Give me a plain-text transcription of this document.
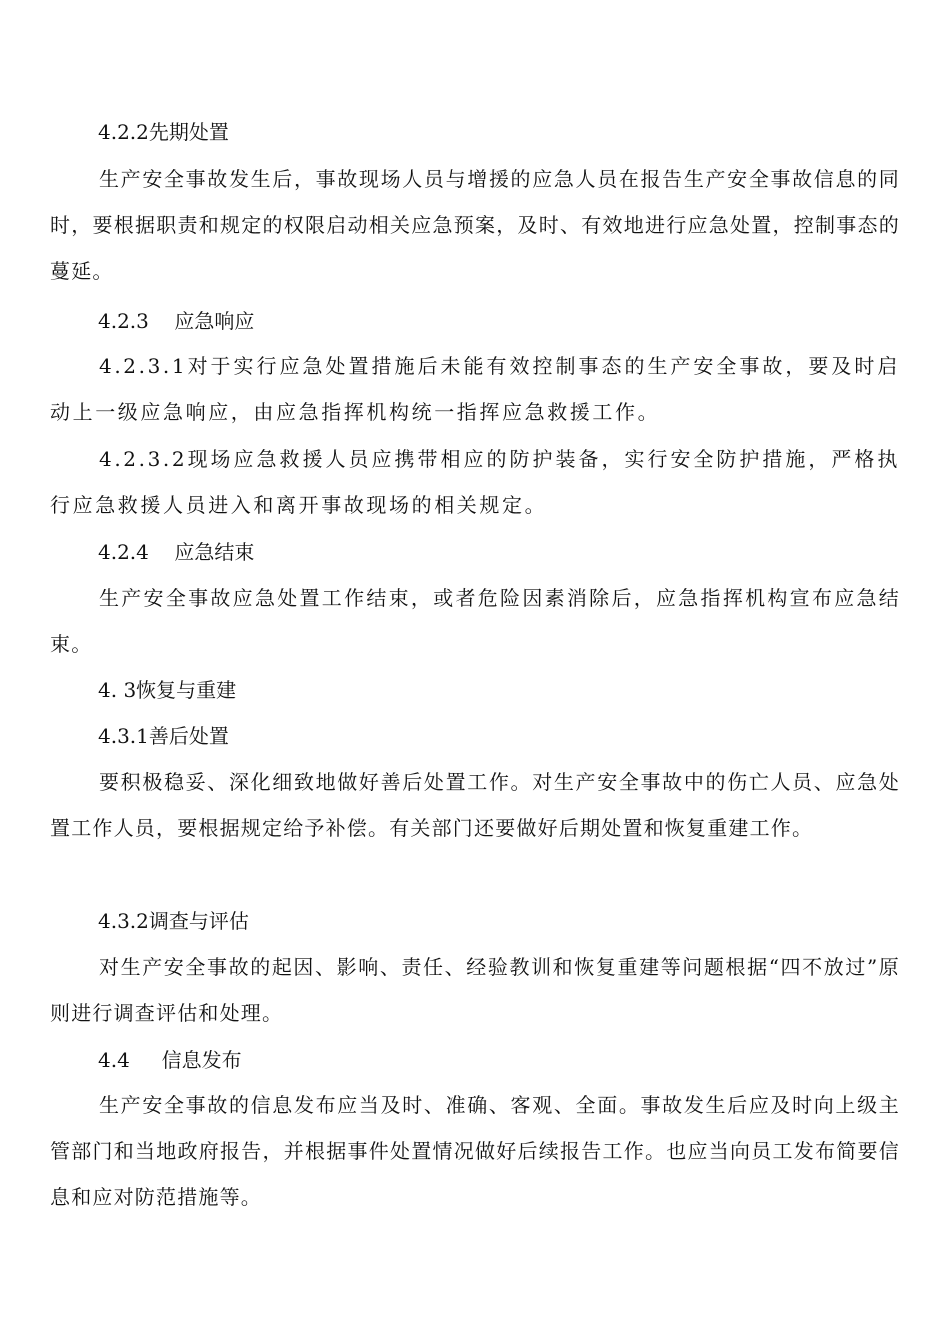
4.2.2先期处置
生产安全事故发生后，事故现场人员与增援的应急人员在报告生产安全事故信息的同时，要根据职责和规定的权限启动相关应急预案，及时、有效地进行应急处置，控制事态的蔓延。
4.2.3    应急响应
4.2.3.1对于实行应急处置措施后未能有效控制事态的生产安全事故，要及时启动上一级应急响应，由应急指挥机构统一指挥应急救援工作。
4.2.3.2现场应急救援人员应携带相应的防护装备，实行安全防护措施，严格执行应急救援人员进入和离开事故现场的相关规定。
4.2.4    应急结束
生产安全事故应急处置工作结束，或者危险因素消除后，应急指挥机构宣布应急结束。
4. 3恢复与重建
4.3.1善后处置
要积极稳妥、深化细致地做好善后处置工作。对生产安全事故中的伤亡人员、应急处置工作人员，要根据规定给予补偿。有关部门还要做好后期处置和恢复重建工作。
4.3.2调查与评估
对生产安全事故的起因、影响、责任、经验教训和恢复重建等问题根据“四不放过”原则进行调查评估和处理。
4.4     信息发布
生产安全事故的信息发布应当及时、准确、客观、全面。事故发生后应及时向上级主管部门和当地政府报告，并根据事件处置情况做好后续报告工作。也应当向员工发布简要信息和应对防范措施等。
